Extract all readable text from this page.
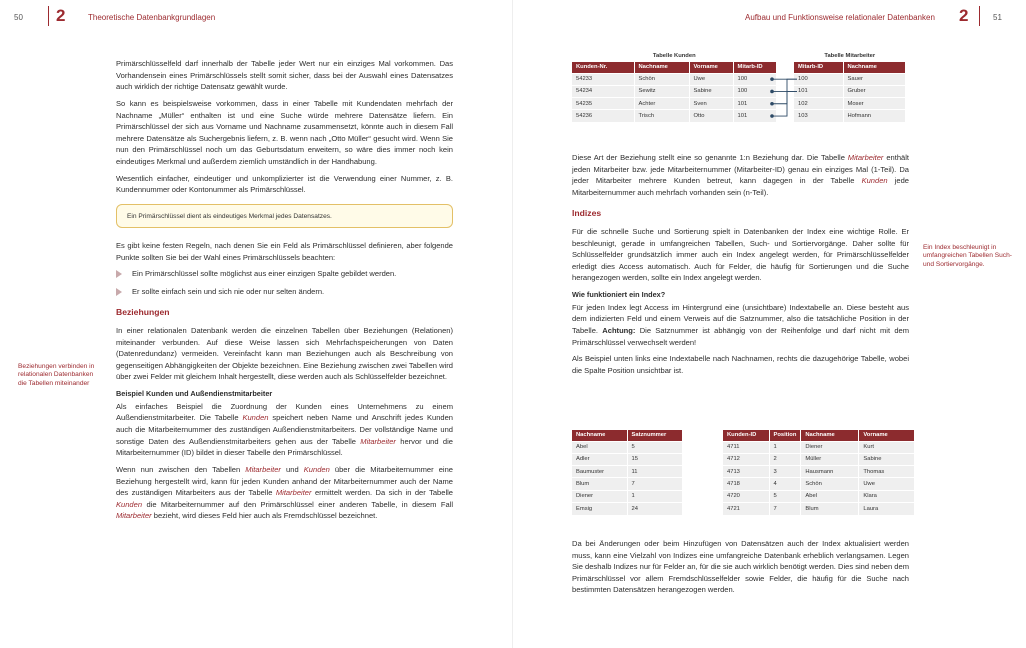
50 2	Theoretische Datenbankgrundlagen

Primärschlüsselfeld darf innerhalb der Tabelle jeder Wert nur ein einziges Mal vorkommen. Das Vorhandensein eines Primärschlüssels stellt somit sicher, dass bei der Auswahl eines Datensatzes auch wirklich der richtige Datensatz gewählt wurde.

So kann es beispielsweise vorkommen, dass in einer Tabelle mit Kundendaten mehrfach der Nachname „Müller“ enthalten ist und eine Suche würde mehrere Datensätze liefern. Ein Primärschlüssel der sich aus Vorname und Nachname zusammensetzt, könnte auch in diesem Fall mehrere Datensätze als Suchergebnis liefern, z. B. wenn nach „Otto Müller“ gesucht wird. Wenn Sie nun den Primärschlüssel noch um das Geburtsdatum erweitern, so wäre dies immer noch kein eindeutiges Merkmal und außerdem ziemlich umständlich in der Handhabung.

Wesentlich einfacher, eindeutiger und unkomplizierter ist die Verwendung einer Nummer, z. B. Kundennummer oder Kontonummer als Primärschlüssel.

Ein Primärschlüssel dient als eindeutiges Merkmal jedes Datensatzes.

Es gibt keine festen Regeln, nach denen Sie ein Feld als Primärschlüssel definieren, aber folgende Punkte sollten Sie bei der Wahl eines Primärschlüssels beachten:

Ein Primärschlüssel sollte möglichst aus einer einzigen Spalte gebildet werden.
Er sollte einfach sein und sich nie oder nur selten ändern.
Beziehungen

In einer relationalen Datenbank werden die einzelnen Tabellen über Beziehungen (Relationen) miteinander verbunden. Auf diese Weise lassen sich Mehrfachspeicherungen von Daten (Datenredundanz) vermeiden. Vereinfacht kann man Beziehungen auch als Beschreibung von gegenseitigen Abhängigkeiten der Objekte bezeichnen. Eine Beziehung zwischen zwei Tabellen wird über zwei Felder mit gleichem Inhalt hergestellt, diese werden auch als Schlüsselfelder bezeichnet.

Beispiel Kunden und Außendienstmitarbeiter

Als einfaches Beispiel die Zuordnung der Kunden eines Unternehmens zu einem Außendienstmitarbeiter. Die Tabelle Kunden speichert neben Name und Anschrift jedes Kunden auch die Mitarbeiternummer des zuständigen Außendienstmitarbeiters. Der vollständige Name und sonstige Daten des Außendienstmitarbeiters gehen aus der Tabelle Mitarbeiter hervor und die Mitarbeiternummer (ID) bildet in dieser Tabelle den Primärschlüssel.

Wenn nun zwischen den Tabellen Mitarbeiter und Kunden über die Mitarbeiternummer eine Beziehung hergestellt wird, kann für jeden Kunden anhand der Mitarbeiternummer auch der Name des zuständigen Mitarbeiters aus der Tabelle Mitarbeiter ermittelt werden. Da sich in der Tabelle Kunden die Mitarbeiternummer auf den Primärschlüssel einer anderen Tabelle, in diesem Fall Mitarbeiter bezieht, wird dieses Feld hier auch als Fremdschlüssel bezeichnet.

Beziehungen verbinden in relationalen Datenbanken die Tabellen miteinander
Aufbau und Funktionsweise relationaler Datenbanken 2	51
Tabelle Kunden
Kunden-Nr.	Nachname	Vorname	Mitarb-ID
54233	Schön	Uwe	100
54234	Sewitz	Sabine	100
54235	Achter	Sven	101
54236	Trisch	Otto	101
Tabelle Mitarbeiter
Mitarb-ID	Nachname
100	Sauer
101	Gruber
102	Moser
103	Hofmann

Diese Art der Beziehung stellt eine so genannte 1:n Beziehung dar. Die Tabelle Mitarbeiter enthält jeden Mitarbeiter bzw. jede Mitarbeiternummer (Mitarbeiter-ID) genau ein einziges Mal (1-Teil). Da jeder Mitarbeiter mehrere Kunden betreut, kann dagegen in der Tabelle Kunden jede Mitarbeiternummer auch mehrfach vorhanden sein (n-Teil).

Indizes

Für die schnelle Suche und Sortierung spielt in Datenbanken der Index eine wichtige Rolle. Er beschleunigt, gerade in umfangreichen Tabellen, Such- und Sortiervorgänge. Daher sollte für Schlüsselfelder grundsätzlich immer auch ein Index angelegt werden, für Primärschlüsselfelder erledigt dies Access automatisch. Auch für Felder, die häufig für Sortierungen und die Suche herangezogen werden, sollte ein Index angelegt werden.

Wie funktioniert ein Index?

Für jeden Index legt Access im Hintergrund eine (unsichtbare) Indextabelle an. Diese besteht aus dem indizierten Feld und einem Verweis auf die Satznummer, also die tatsächliche Position in der Tabelle. Achtung: Die Satznummer ist abhängig von der Reihenfolge und darf nicht mit dem Primärschlüssel verwechselt werden!

Als Beispiel unten links eine Indextabelle nach Nachnamen, rechts die dazugehörige Tabelle, wobei die Spalte Position unsichtbar ist.

Nachname	Satznummer
Abel	5
Adler	15
Baumuster	11
Blum	7
Diener	1
Emsig	24
Kunden-ID	Position	Nachname	Vorname
4711	1	Diener	Kurt
4712	2	Müller	Sabine
4713	3	Hausmann	Thomas
4718	4	Schön	Uwe
4720	5	Abel	Klara
4721	7	Blum	Laura

Da bei Änderungen oder beim Hinzufügen von Datensätzen auch der Index aktualisiert werden muss, kann eine Vielzahl von Indizes eine umfangreiche Datenbank erheblich verlangsamen. Legen Sie deshalb Indizes nur für Felder an, für die sie auch wirklich benötigt werden. Dies sind neben dem Primärschlüssel vor allem Fremdschlüsselfelder sowie Felder, die häufig für die Suche nach bestimmten Datensätzen herangezogen werden.

Ein Index beschleunigt in umfangreichen Tabellen Such- und Sortiervorgänge.
